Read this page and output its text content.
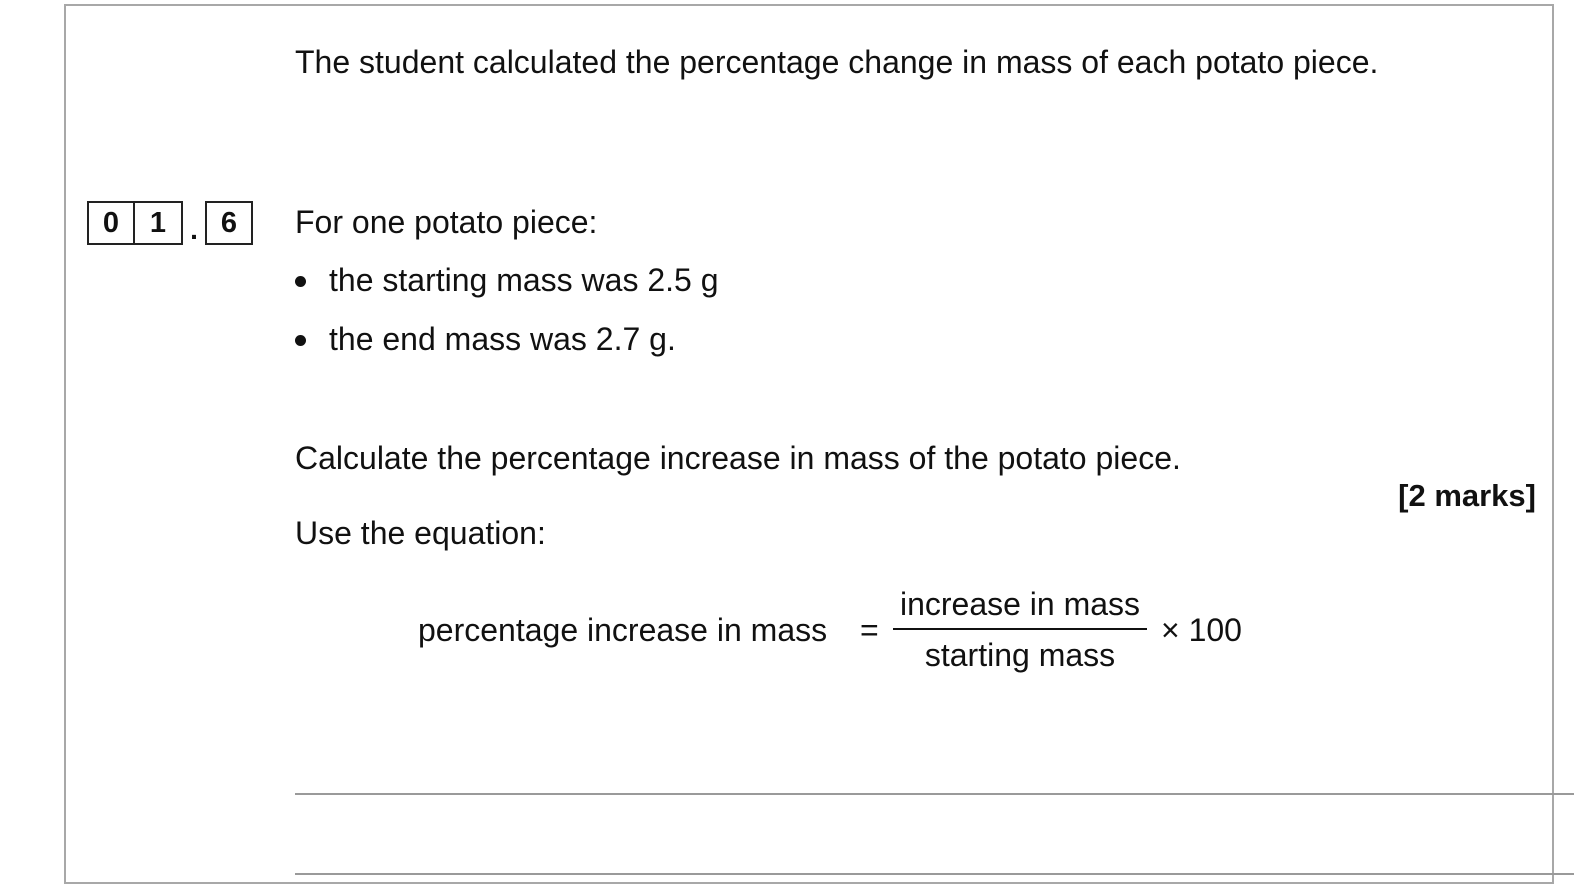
The student calculated the percentage change in mass of each potato piece.

0	1 . 6	For one potato piece:

the starting mass was 2.5 g
the end mass was 2.7 g.

Calculate the percentage increase in mass of the potato piece.

[2 marks]

Use the equation:

percentage increase in mass =
increase in mass
starting mass
× 100
